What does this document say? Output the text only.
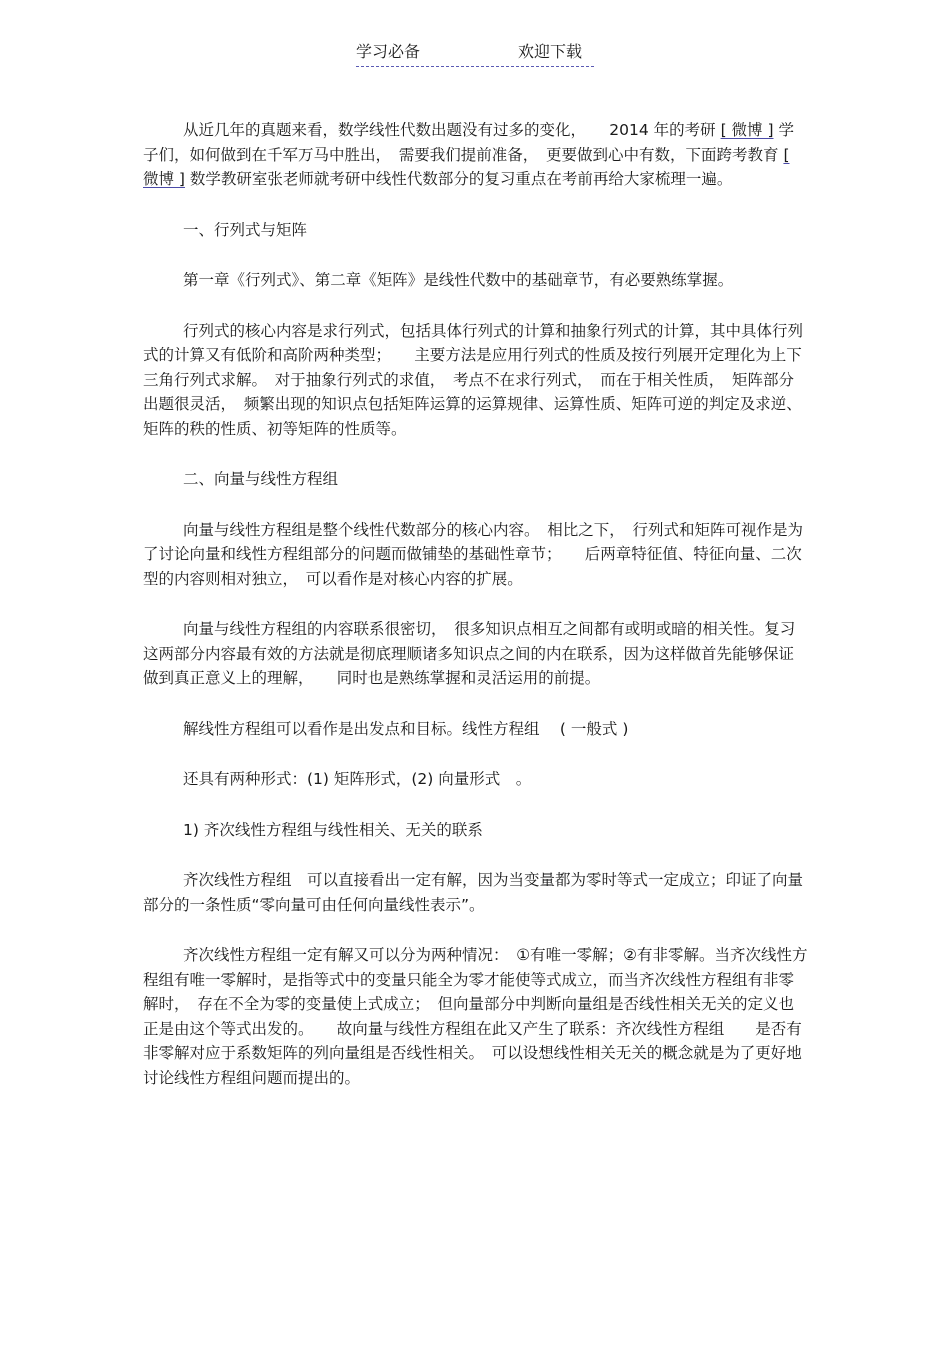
学习必备	欢迎下载

从近几年的真题来看，数学线性代数出题没有过多的变化，　　2014 年的考研 [ 微博 ] 学子们，如何做到在千军万马中胜出，　需要我们提前准备，　更要做到心中有数，下面跨考教育 [ 微博 ] 数学教研室张老师就考研中线性代数部分的复习重点在考前再给大家梳理一遍。

一、行列式与矩阵

第一章《行列式》、第二章《矩阵》是线性代数中的基础章节，有必要熟练掌握。

行列式的核心内容是求行列式，包括具体行列式的计算和抽象行列式的计算，其中具体行列式的计算又有低阶和高阶两种类型；　　主要方法是应用行列式的性质及按行列展开定理化为上下三角行列式求解。　对于抽象行列式的求值，　考点不在求行列式，　而在于相关性质，　矩阵部分出题很灵活，　频繁出现的知识点包括矩阵运算的运算规律、运算性质、矩阵可逆的判定及求逆、矩阵的秩的性质、初等矩阵的性质等。

二、向量与线性方程组

向量与线性方程组是整个线性代数部分的核心内容。　相比之下，　行列式和矩阵可视作是为了讨论向量和线性方程组部分的问题而做铺垫的基础性章节；　　后两章特征值、特征向量、二次型的内容则相对独立，　可以看作是对核心内容的扩展。

向量与线性方程组的内容联系很密切，　很多知识点相互之间都有或明或暗的相关性。复习这两部分内容最有效的方法就是彻底理顺诸多知识点之间的内在联系，因为这样做首先能够保证做到真正意义上的理解，　　同时也是熟练掌握和灵活运用的前提。

解线性方程组可以看作是出发点和目标。线性方程组　 ( 一般式 )

还具有两种形式：(1) 矩阵形式，(2) 向量形式　。

1) 齐次线性方程组与线性相关、无关的联系

齐次线性方程组　可以直接看出一定有解，因为当变量都为零时等式一定成立；印证了向量部分的一条性质“零向量可由任何向量线性表示”。

齐次线性方程组一定有解又可以分为两种情况：　①有唯一零解；②有非零解。当齐次线性方程组有唯一零解时，是指等式中的变量只能全为零才能使等式成立，而当齐次线性方程组有非零解时，　存在不全为零的变量使上式成立；　但向量部分中判断向量组是否线性相关无关的定义也正是由这个等式出发的。　　故向量与线性方程组在此又产生了联系：齐次线性方程组　　是否有非零解对应于系数矩阵的列向量组是否线性相关。　可以设想线性相关无关的概念就是为了更好地讨论线性方程组问题而提出的。
